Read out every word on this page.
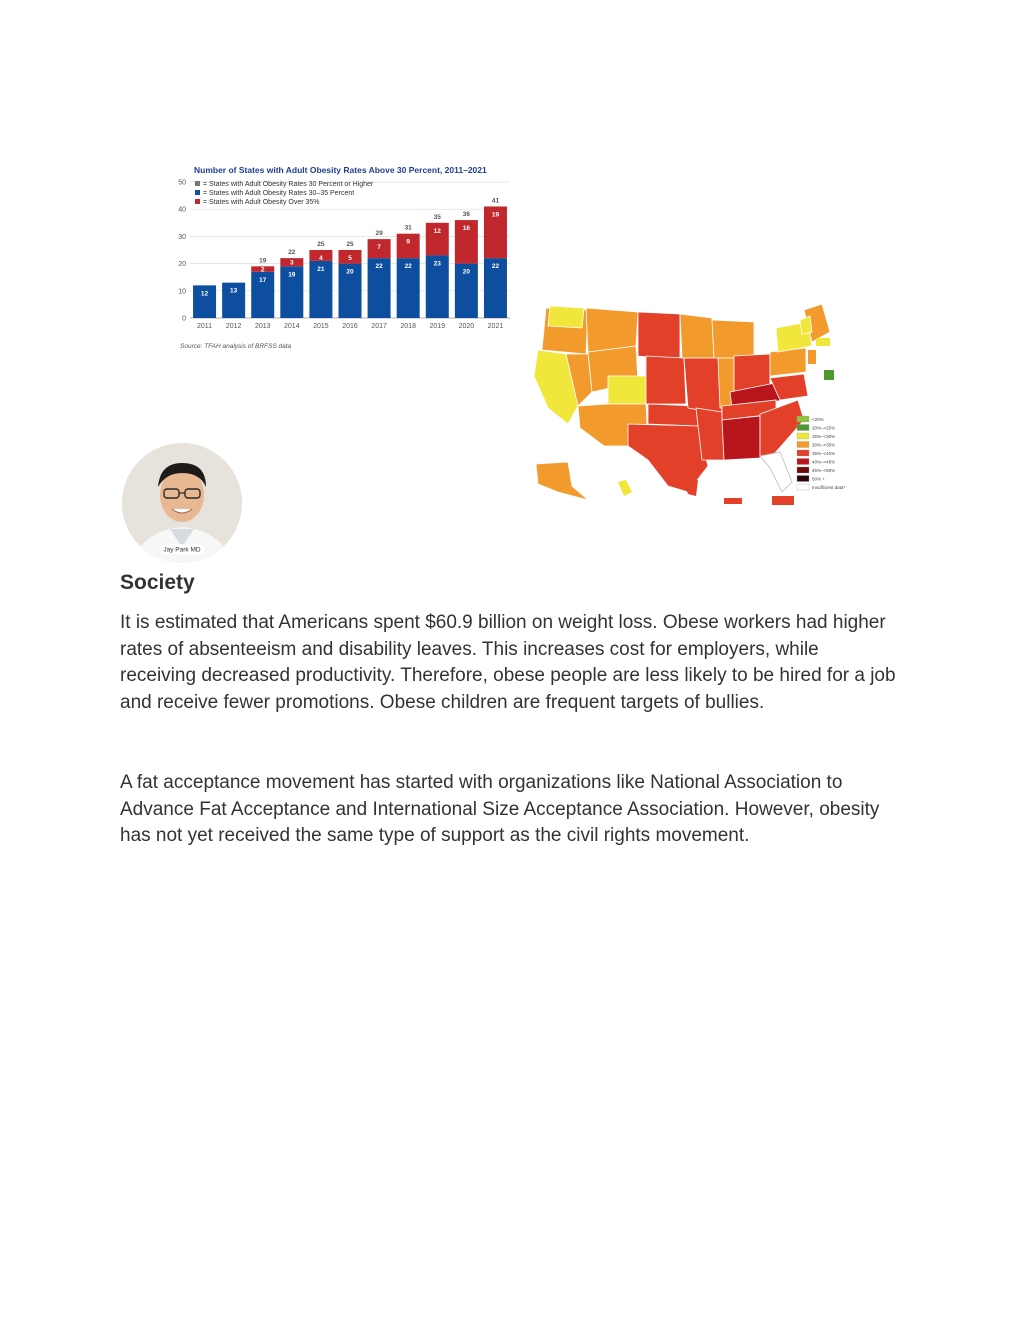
Number of States with Adult Obesity Rates Above 30 Percent, 2011–2021
0
10
20
30
40
50
12
2011
13
2012
17
2
19
2013
19
3
22
2014
21
4
25
2015
20
5
25
2016
22
7
29
2017
22
9
31
2018
23
12
35
2019
20
16
36
2020
22
19
41
2021
= States with Adult Obesity Rates 30 Percent or Higher
= States with Adult Obesity Rates 30–35 Percent
= States with Adult Obesity Over 35%
Source: TFAH analysis of BRFSS data
<20%
20%–<25%
25%–<30%
30%–<35%
35%–<40%
40%–<45%
45%–<50%
50% +
Insufficient data*
Jay Park MD
Society

It is estimated that Americans spent $60.9 billion on weight loss. Obese workers had higher rates of absenteeism and disability leaves. This increases cost for employers, while receiving decreased productivity. Therefore, obese people are less likely to be hired for a job and receive fewer promotions. Obese children are frequent targets of bullies.

A fat acceptance movement has started with organizations like National Association to Advance Fat Acceptance and International Size Acceptance Association. However, obesity has not yet received the same type of support as the civil rights movement.
